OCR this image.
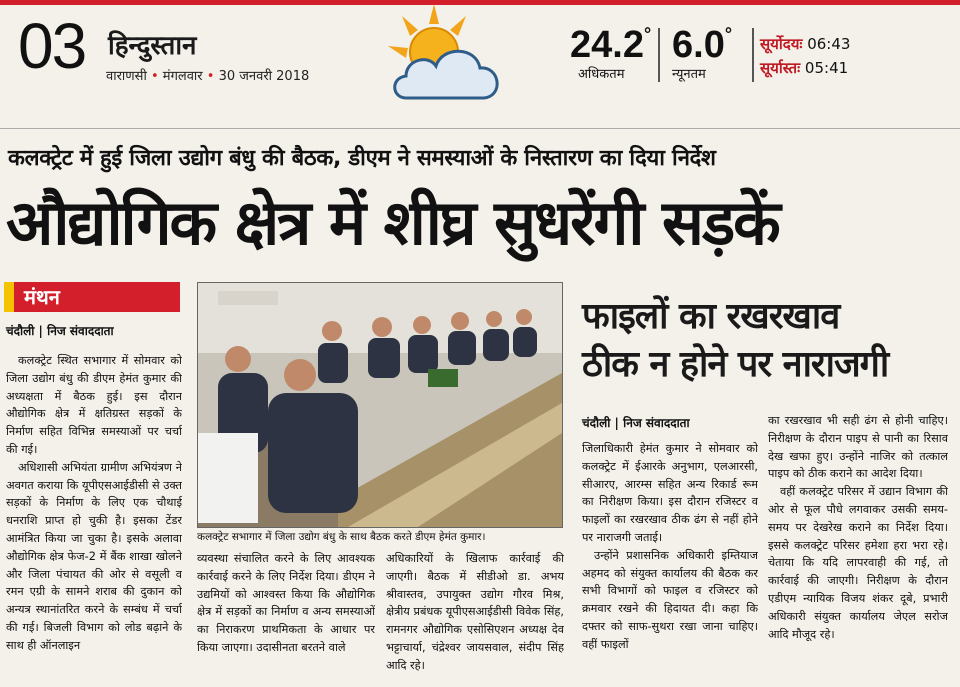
03 हिन्दुस्तान
वाराणसी • मंगलवार • 30 जनवरी 2018
24.2°
अधिकतम
6.0°
न्यूनतम
सूर्योदयः 06:43
सूर्यास्तः 05:41
कलक्ट्रेट में हुई जिला उद्योग बंधु की बैठक, डीएम ने समस्याओं के निस्तारण का दिया निर्देश
औद्योगिक क्षेत्र में शीघ्र सुधरेंगी सड़कें
मंथन
चंदौली | निज संवाददाता

कलक्ट्रेट स्थित सभागार में सोमवार को जिला उद्योग बंधु की डीएम हेमंत कुमार की अध्यक्षता में बैठक हुई। इस दौरान औद्योगिक क्षेत्र में क्षतिग्रस्त सड़कों के निर्माण सहित विभिन्न समस्याओं पर चर्चा की गई।

अधिशासी अभियंता ग्रामीण अभियंत्रण ने अवगत कराया कि यूपीएसआईडीसी से उक्त सड़कों के निर्माण के लिए एक चौथाई धनराशि प्राप्त हो चुकी है। इसका टेंडर आमंत्रित किया जा चुका है। इसके अलावा औद्योगिक क्षेत्र फेज-2 में बैंक शाखा खोलने और जिला पंचायत की ओर से वसूली व रमन एग्री के सामने शराब की दुकान को अन्यत्र स्थानांतरित करने के सम्बंध में चर्चा की गई। बिजली विभाग को लोड बढ़ाने के साथ ही ऑनलाइन

कलक्ट्रेट सभागार में जिला उद्योग बंधु के साथ बैठक करते डीएम हेमंत कुमार।

व्यवस्था संचालित करने के लिए आवश्यक कार्रवाई करने के लिए निर्देश दिया। डीएम ने उद्यमियों को आश्वस्त किया कि औद्योगिक क्षेत्र में सड़कों का निर्माण व अन्य समस्याओं का निराकरण प्राथमिकता के आधार पर किया जाएगा। उदासीनता बरतने वाले

अधिकारियों के खिलाफ कार्रवाई की जाएगी। बैठक में सीडीओ डा. अभय श्रीवास्तव, उपायुक्त उद्योग गौरव मिश्र, क्षेत्रीय प्रबंधक यूपीएसआईडीसी विवेक सिंह, रामनगर औद्योगिक एसोसिएशन अध्यक्ष देव भट्टाचार्या, चंद्रेश्वर जायसवाल, संदीप सिंह आदि रहे।

फाइलों का रखरखाव
ठीक न होने पर नाराजगी
चंदौली | निज संवाददाता

जिलाधिकारी हेमंत कुमार ने सोमवार को कलक्ट्रेट में ईआरके अनुभाग, एलआरसी, सीआरए, आरम्स सहित अन्य रिकार्ड रूम का निरीक्षण किया। इस दौरान रजिस्टर व फाइलों का रखरखाव ठीक ढंग से नहीं होने पर नाराजगी जताई।

उन्होंने प्रशासनिक अधिकारी इम्तियाज अहमद को संयुक्त कार्यालय की बैठक कर सभी विभागों को फाइल व रजिस्टर को क्रमवार रखने की हिदायत दी। कहा कि दफ्तर को साफ-सुथरा रखा जाना चाहिए। वहीं फाइलों

का रखरखाव भी सही ढंग से होनी चाहिए। निरीक्षण के दौरान पाइप से पानी का रिसाव देख खफा हुए। उन्होंने नाजिर को तत्काल पाइप को ठीक कराने का आदेश दिया।

वहीं कलक्ट्रेट परिसर में उद्यान विभाग की ओर से फूल पौधे लगवाकर उसकी समय-समय पर देखरेख कराने का निर्देश दिया। इससे कलक्ट्रेट परिसर हमेशा हरा भरा रहे। चेताया कि यदि लापरवाही की गई, तो कार्रवाई की जाएगी। निरीक्षण के दौरान एडीएम न्यायिक विजय शंकर दूबे, प्रभारी अधिकारी संयुक्त कार्यालय जेएल सरोज आदि मौजूद रहे।
